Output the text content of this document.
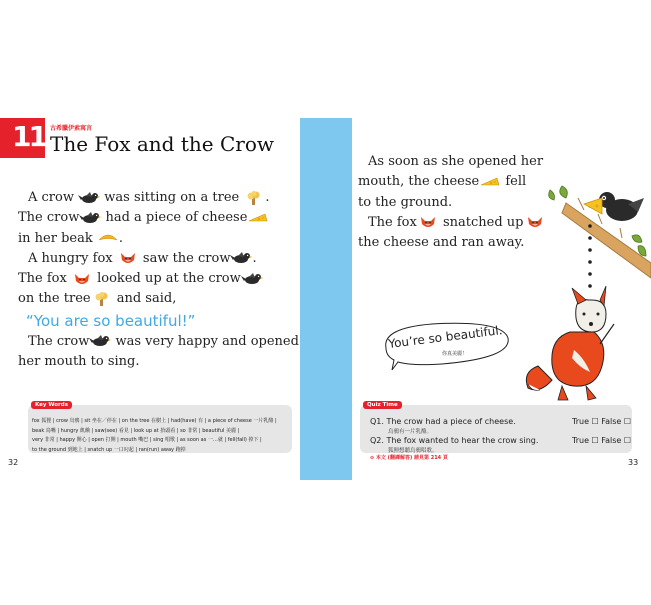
11 古希臘伊索寓言
The Fox and the Crow

A crow was sitting on a tree .

The crow had a piece of cheese

in her beak .

A hungry fox saw the crow .

The fox looked up at the crow

on the tree and said,

“You are so beautiful!”

The crow was very happy and opened

her mouth to sing.

Key Words
fox 狐狸 | crow 烏鴉 | sit 坐在／停在 | on the tree 在樹上 | had(have) 有 | a piece of cheese 一片乳酪 |
beak 鳥嘴 | hungry 飢餓 | saw(see) 看見 | look up at 抬頭看 | so 非常 | beautiful 美麗 |
very 非常 | happy 開心 | open 打開 | mouth 嘴巴 | sing 唱歌 | as soon as 一…就 | fell(fall) 掉下 |
to the ground 到地上 | snatch up 一口叼起 | ran(run) away 跑掉
32

As soon as she opened her

mouth, the cheese fell

to the ground.

The fox snatched up

the cheese and ran away.

You’re so beautiful.
你真美麗！
Quiz Time
Q1. The crow had a piece of cheese.
烏鴉有一片乳酪。
True ☐ False ☐
Q2. The fox wanted to hear the crow sing.
狐狸想聽烏鴉唱歌。
True ☐ False ☐
⊙ 本文 (翻譯解答) 請見第 214 頁	33
